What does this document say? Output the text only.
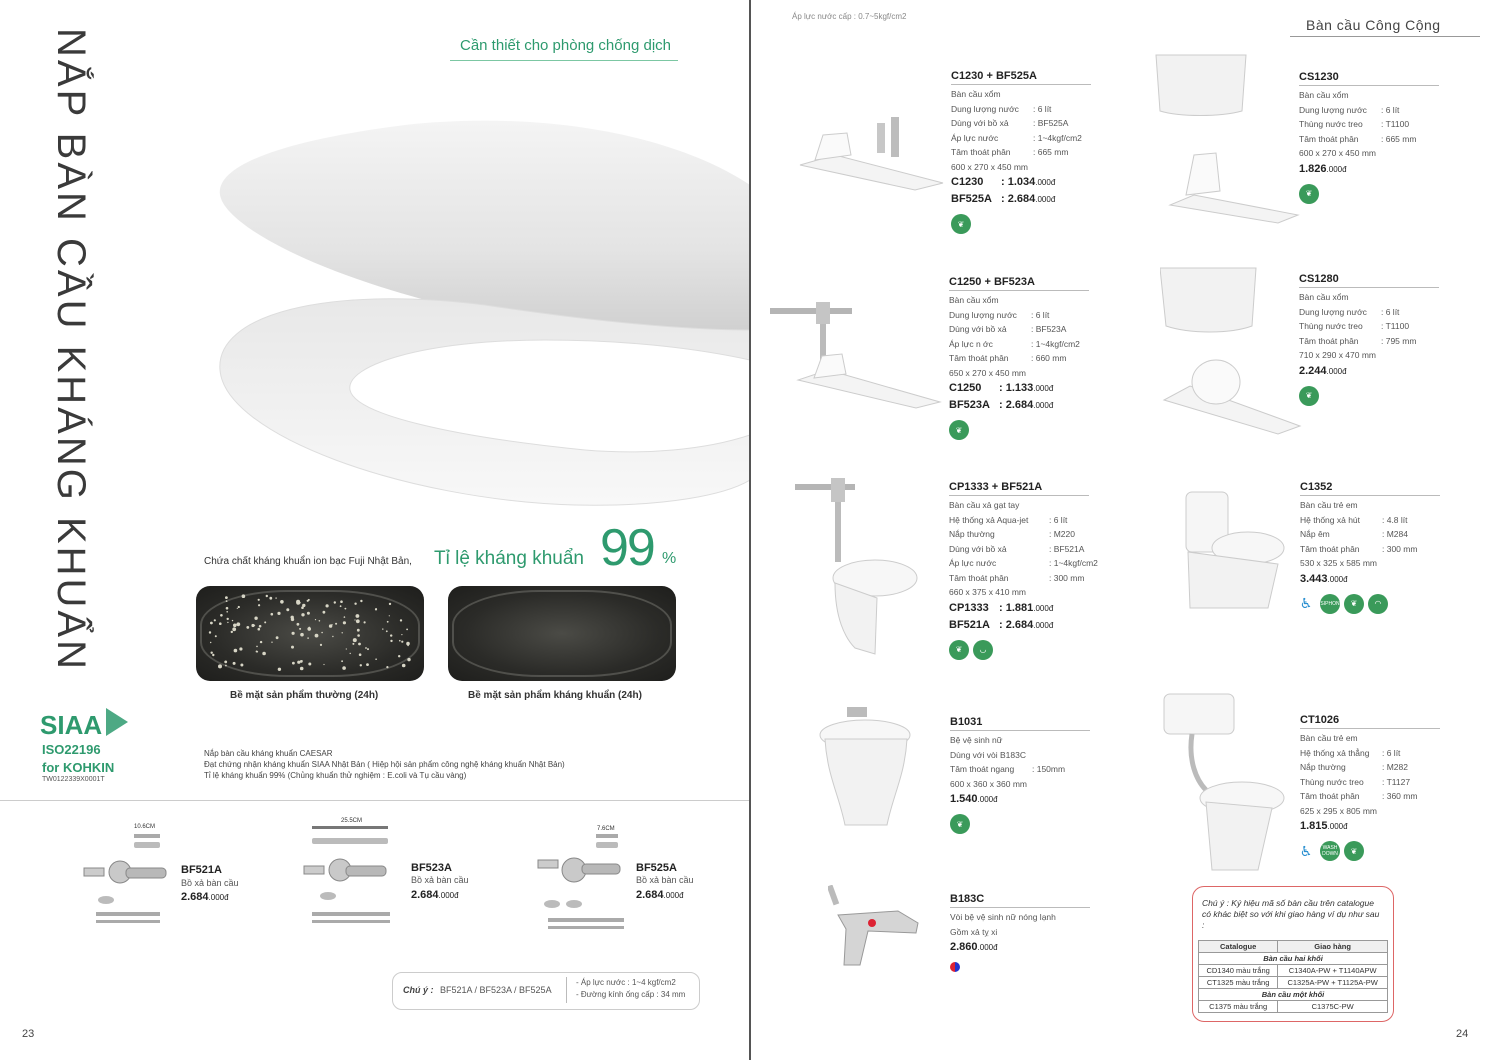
NẮP BÀN CẦU KHÁNG KHUẨN	Cần thiết cho phòng chống dịch
Chứa chất kháng khuẩn ion bạc Fuji Nhật Bản, Tỉ lệ kháng khuẩn 99 %
Bề mặt sản phẩm thường (24h)	Bề mặt sản phẩm kháng khuẩn (24h)
SIAA
ISO22196
for KOHKIN
TW0122339X0001T
Nắp bàn cầu kháng khuẩn CAESAR
Đạt chứng nhận kháng khuẩn SIAA Nhật Bản ( Hiệp hội sản phẩm công nghệ kháng khuẩn Nhật Bản)
Tỉ lệ kháng khuẩn 99% (Chủng khuẩn thử nghiệm : E.coli và Tụ cầu vàng)
10.6CM
BF521A
Bồ xả bàn cầu
2.684.000đ
25.5CM
BF523A
Bồ xả bàn cầu
2.684.000đ
7.6CM
BF525A
Bồ xả bàn cầu
2.684.000đ
Chú ý : BF521A / BF523A / BF525A
- Áp lực nước : 1~4 kgf/cm2
- Đường kính ống cấp : 34 mm
23
Áp lực nước cấp : 0.7~5kgf/cm2
Bàn cầu Công Cộng
C1230 + BF525A
Bàn cầu xổm
Dung lượng nước : 6 lít
Dùng với bồ xả	: BF525A
Áp lực nước	: 1~4kgf/cm2
Tâm thoát phân	: 665 mm
600 x 270 x 450 mm
C1230 : 1.034.000đ
BF525A : 2.684.000đ
❦
C1250 + BF523A
Bàn cầu xổm
Dung lượng nước : 6 lít
Dùng với bồ xả	: BF523A
Áp lực n ớc	: 1~4kgf/cm2
Tâm thoát phân	: 660 mm
650 x 270 x 450 mm
C1250 : 1.133.000đ
BF523A : 2.684.000đ
❦
CP1333 + BF521A
Bàn cầu xả gạt tay
Hệ thống xả Aqua-jet : 6 lít
Nắp thường	: M220
Dùng với bồ xả	: BF521A
Áp lực nước	: 1~4kgf/cm2
Tâm thoát phân	: 300 mm
660 x 375 x 410 mm
CP1333 : 1.881.000đ
BF521A : 2.684.000đ
❦	◡
B1031
Bệ vệ sinh nữ
Dùng với vòi B183C
Tâm thoát ngang : 150mm
600 x 360 x 360 mm
1.540.000đ
❦
B183C
Vòi bệ vệ sinh nữ nóng lạnh
Gồm xả tỵ xi
2.860.000đ
CS1230
Bàn cầu xổm
Dung lượng nước : 6 lít
Thùng nước treo : T1100
Tâm thoát phân	: 665 mm
600 x 270 x 450 mm
1.826.000đ
❦
CS1280
Bàn cầu xổm
Dung lượng nước : 6 lít
Thùng nước treo : T1100
Tâm thoát phân	: 795 mm
710 x 290 x 470 mm
2.244.000đ
❦
C1352
Bàn cầu trẻ em
Hệ thống xả hút	: 4.8 lít
Nắp êm	: M284
Tâm thoát phân	: 300 mm
530 x 325 x 585 mm
3.443.000đ
♿	SIPHON	❦	◠
CT1026
Bàn cầu trẻ em
Hệ thống xả thẳng : 6 lít
Nắp thường	: M282
Thùng nước treo : T1127
Tâm thoát phân	: 360 mm
625 x 295 x 805 mm
1.815.000đ
♿	WASH DOWN	❦
Chú ý : Ký hiệu mã số bàn cầu trên catalogue có khác biệt so với khi giao hàng ví dụ như sau :
Catalogue	Giao hàng
Bàn cầu hai khối	
CD1340 màu trắng	C1340A-PW + T1140APW
CT1325 màu trắng	C1325A-PW + T1125A-PW
Bàn cầu một khối	
C1375 màu trắng	C1375C-PW
24
